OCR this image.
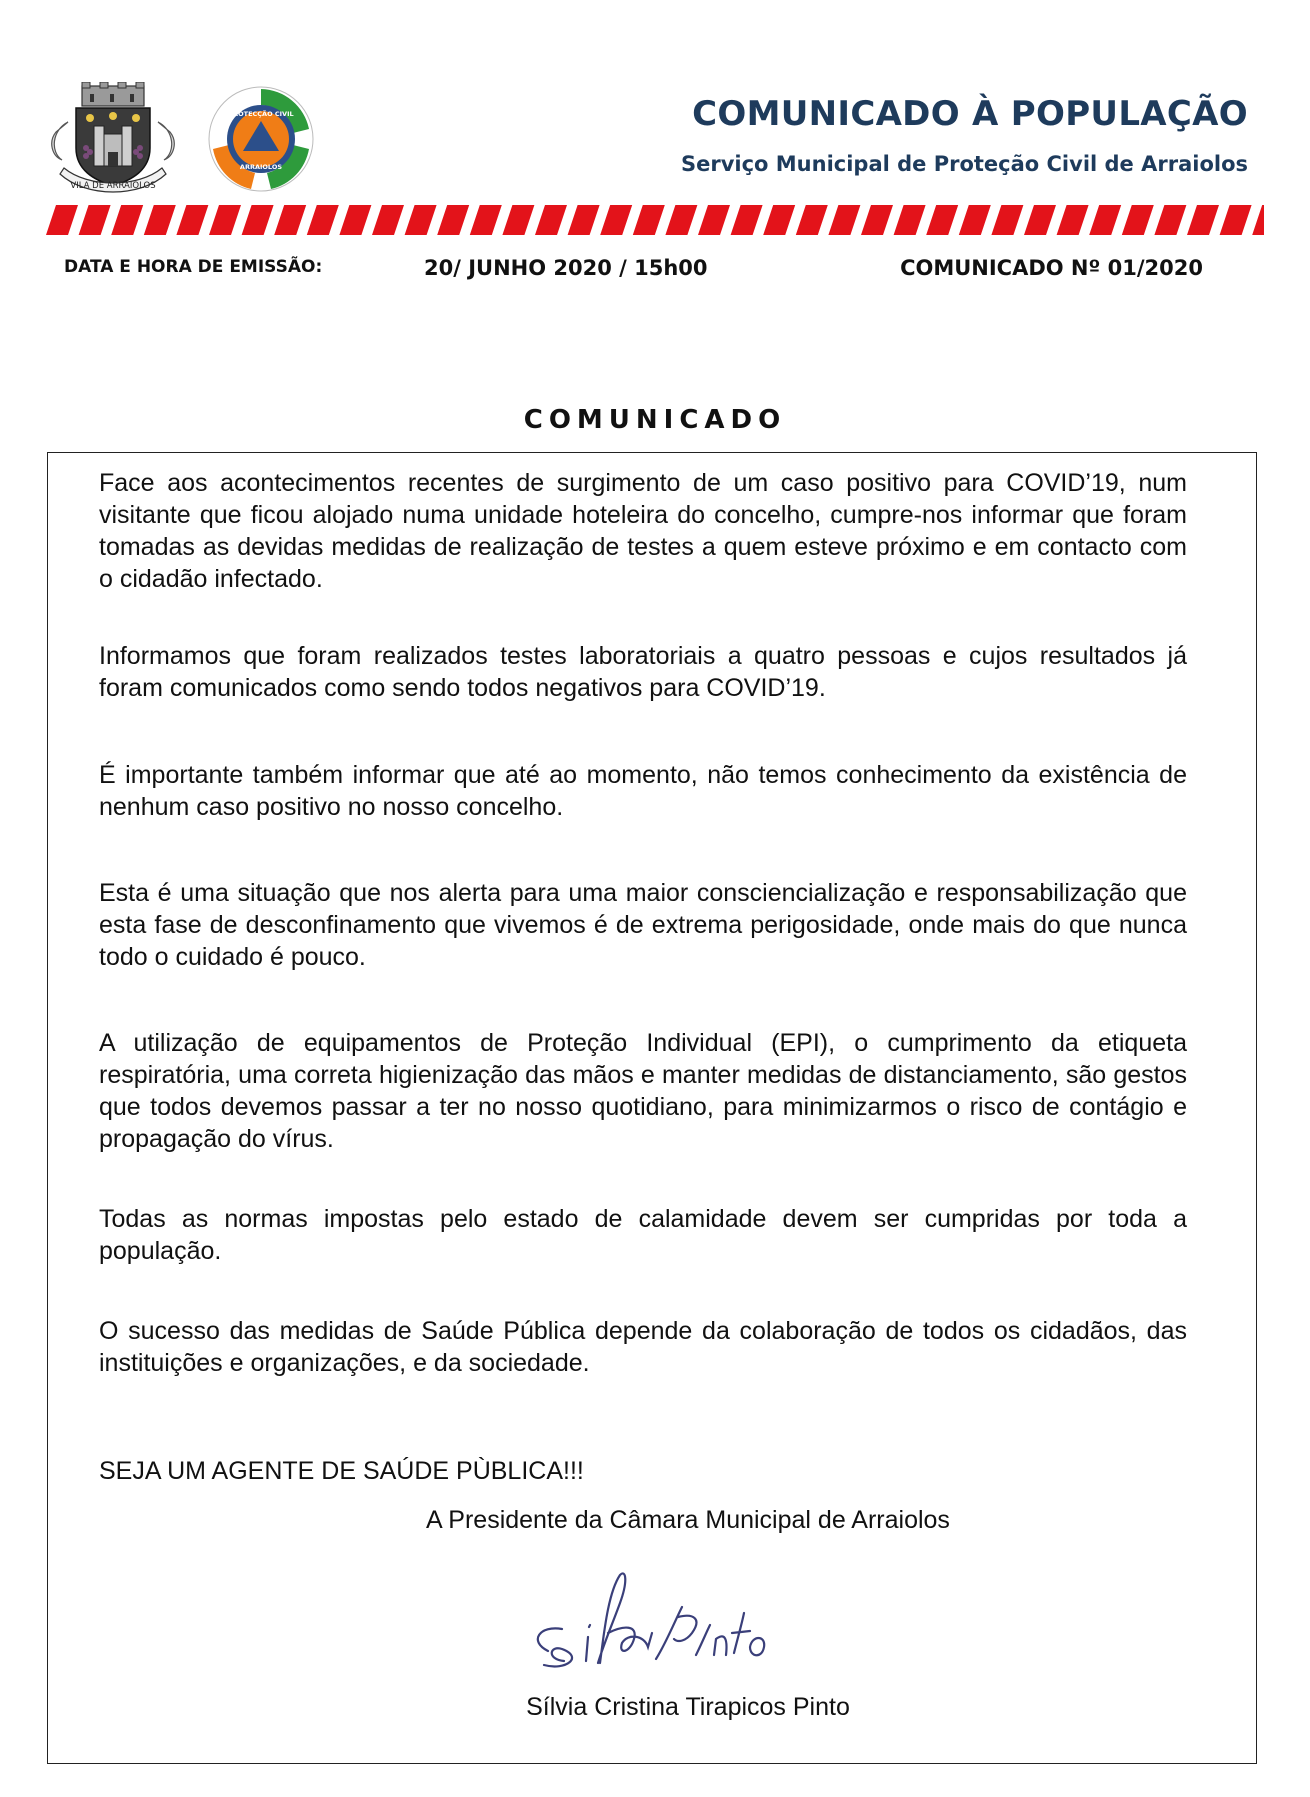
VILA DE ARRAIOLOS
PROTECÇÃO CIVIL
ARRAIOLOS
COMUNICADO À POPULAÇÃO

Serviço Municipal de Proteção Civil de Arraiolos

DATA E HORA DE EMISSÃO:	20/ JUNHO 2020 / 15h00	COMUNICADO Nº 01/2020
COMUNICADO

Face aos acontecimentos recentes de surgimento de um caso positivo para COVID’19, num visitante que ficou alojado numa unidade hoteleira do concelho, cumpre-nos informar que foram tomadas as devidas medidas de realização de testes a quem esteve próximo e em contacto com o cidadão infectado.

Informamos que foram realizados testes laboratoriais a quatro pessoas e cujos resultados já foram comunicados como sendo todos negativos para COVID’19.

É importante também informar que até ao momento, não temos conhecimento da existência de nenhum caso positivo no nosso concelho.

Esta é uma situação que nos alerta para uma maior consciencialização e responsabilização que esta fase de desconfinamento que vivemos é de extrema perigosidade, onde mais do que nunca todo o cuidado é pouco.

A utilização de equipamentos de Proteção Individual (EPI), o cumprimento da etiqueta respiratória, uma correta higienização das mãos e manter medidas de distanciamento, são gestos que todos devemos passar a ter no nosso quotidiano, para minimizarmos o risco de contágio e propagação do vírus.

Todas as normas impostas pelo estado de calamidade devem ser cumpridas por toda a população.

O sucesso das medidas de Saúde Pública depende da colaboração de todos os cidadãos, das instituições e organizações, e da sociedade.

SEJA UM AGENTE DE SAÚDE PÙBLICA!!!

A Presidente da Câmara Municipal de Arraiolos

Sílvia Cristina Tirapicos Pinto
